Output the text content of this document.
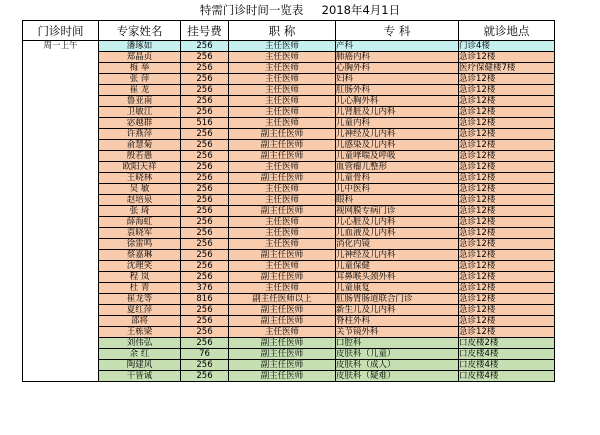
特需门诊时间一览表     2018年4月1日
门诊时间	专家姓名	挂号费	职 称	专 科	就诊地点
周一上午	潘琢如	256	主任医师	产科	门诊4楼
	郑晶贞	256	主任医师	肺癌内科	急诊12楼
	梅 举	256	主任医师	心胸外科	医疗保健楼7楼
	张 萍	256	主任医师	妇科	急诊12楼
	崔 龙	256	主任医师	肛肠外科	急诊12楼
	鲁亚南	256	主任医师	儿心胸外科	急诊12楼
	卫敏江	256	主任医师	儿肾脏及儿内科	急诊12楼
	宓越群	516	主任医师	儿童内科	急诊12楼
	许燕萍	256	副主任医师	儿神经及儿内科	急诊12楼
	俞慧菊	256	副主任医师	儿感染及儿内科	急诊12楼
	殷若愚	256	副主任医师	儿童哮喘及呼吸	急诊12楼
	欧阳天祥	256	主任医师	血管瘤儿整形	急诊12楼
	王晓林	256	副主任医师	儿童骨科	急诊12楼
	吴 敏	256	主任医师	儿中医科	急诊12楼
	赵培泉	256	主任医师	眼科	急诊12楼
	张 琦	256	副主任医师	视网膜专病门诊	急诊12楼
	薛海虹	256	主任医师	儿心脏及儿内科	急诊12楼
	袁晓军	256	主任医师	儿血液及儿内科	急诊12楼
	徐雷鸣	256	主任医师	消化内镜	急诊12楼
	蔡嘉琳	256	副主任医师	儿神经及儿内科	急诊12楼
	沈理笑	256	主任医师	儿童保健	急诊12楼
	程 岚	256	副主任医师	耳鼻喉头颈外科	急诊12楼
	杜 青	376	主任医师	儿童康复	急诊12楼
	崔龙等	816	副主任医师以上	肛肠胃肠道联合门诊	急诊12楼
	夏红萍	256	副主任医师	新生儿及儿内科	急诊12楼
	邵将	256	副主任医师	脊柱外科	急诊12楼
	王栋梁	256	主任医师	关节镜外科	急诊12楼
	刘伟弘	256	副主任医师	口腔科	口皮楼2楼
	余 红	76	副主任医师	皮肤科（儿童）	口皮楼4楼
	陶建风	256	副主任医师	皮肤科（成人）	口皮楼4楼
	干皆诚	256	副主任医师	皮肤科（疑难）	口皮楼4楼
